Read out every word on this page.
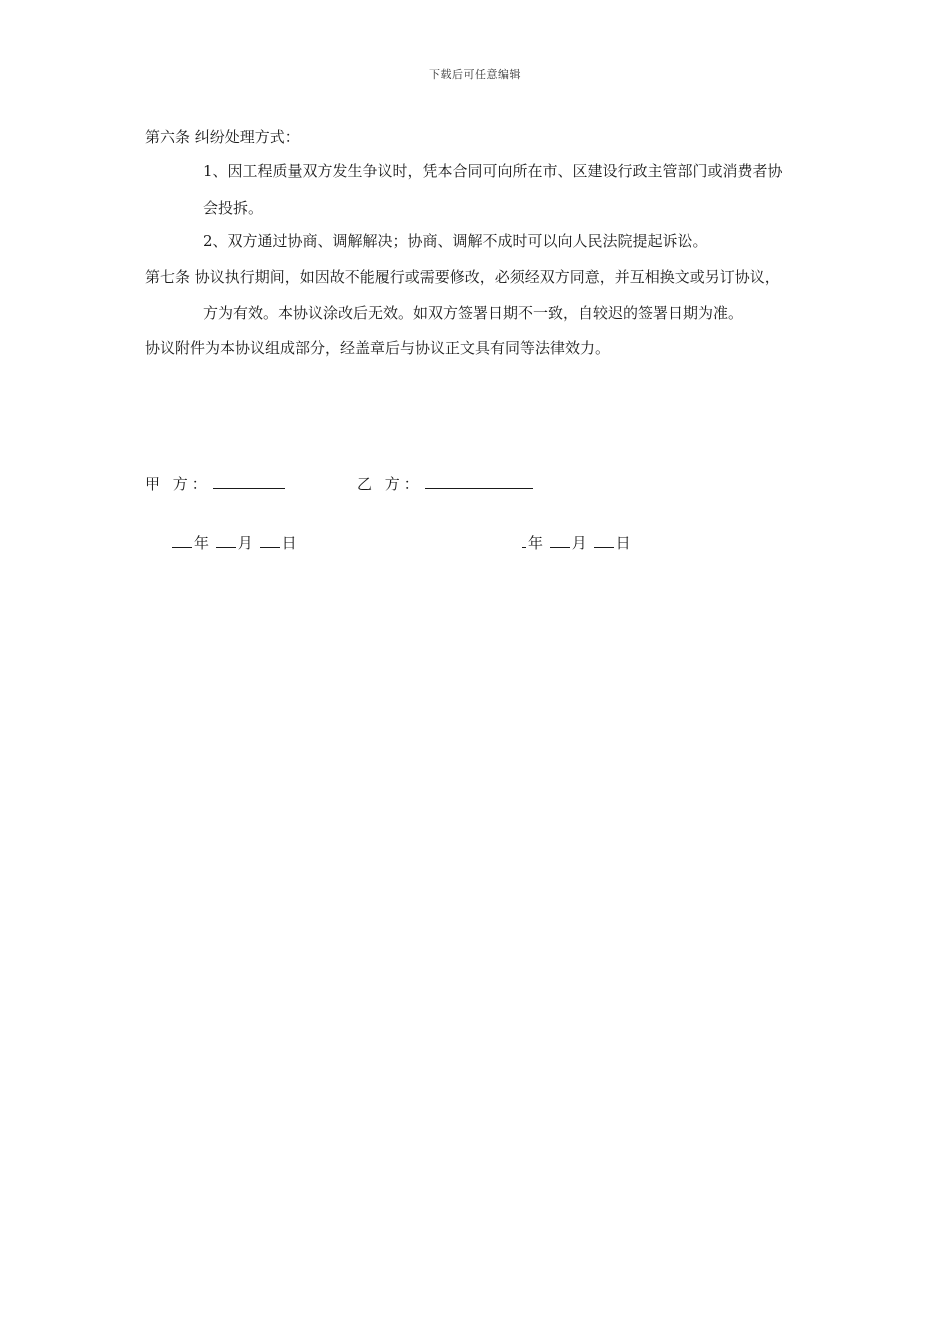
下载后可任意编辑
第六条 纠纷处理方式：
1、因工程质量双方发生争议时，凭本合同可向所在市、区建设行政主管部门或消费者协
会投拆。
2、双方通过协商、调解解决；协商、调解不成时可以向人民法院提起诉讼。
第七条 协议执行期间，如因故不能履行或需要修改，必须经双方同意，并互相换文或另订协议，
方为有效。本协议涂改后无效。如双方签署日期不一致，自较迟的签署日期为准。
协议附件为本协议组成部分，经盖章后与协议正文具有同等法律效力。
甲 方：	乙 方：
年 月 日	年 月 日
